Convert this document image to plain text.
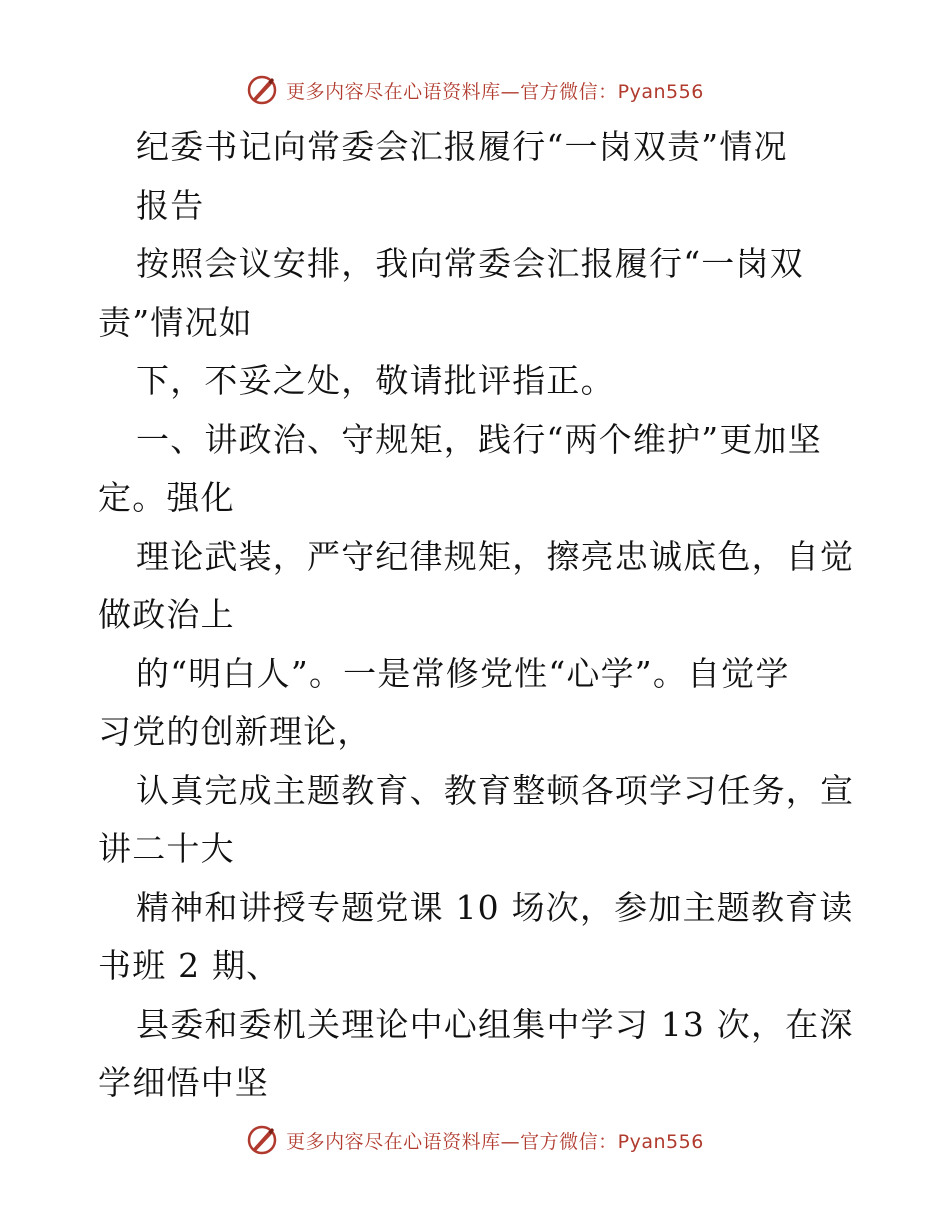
更多内容尽在心语资料库—官方微信：Pyan556
纪委书记向常委会汇报履行“一岗双责”情况
报告
按照会议安排，我向常委会汇报履行“一岗双
责”情况如
下，不妥之处，敬请批评指正。
一、讲政治、守规矩，践行“两个维护”更加坚
定。强化
理论武装，严守纪律规矩，擦亮忠诚底色，自觉
做政治上
的“明白人”。一是常修党性“心学”。自觉学
习党的创新理论，
认真完成主题教育、教育整顿各项学习任务，宣
讲二十大
精神和讲授专题党课 10 场次，参加主题教育读
书班 2 期、
县委和委机关理论中心组集中学习 13 次，在深
学细悟中坚
更多内容尽在心语资料库—官方微信：Pyan556
